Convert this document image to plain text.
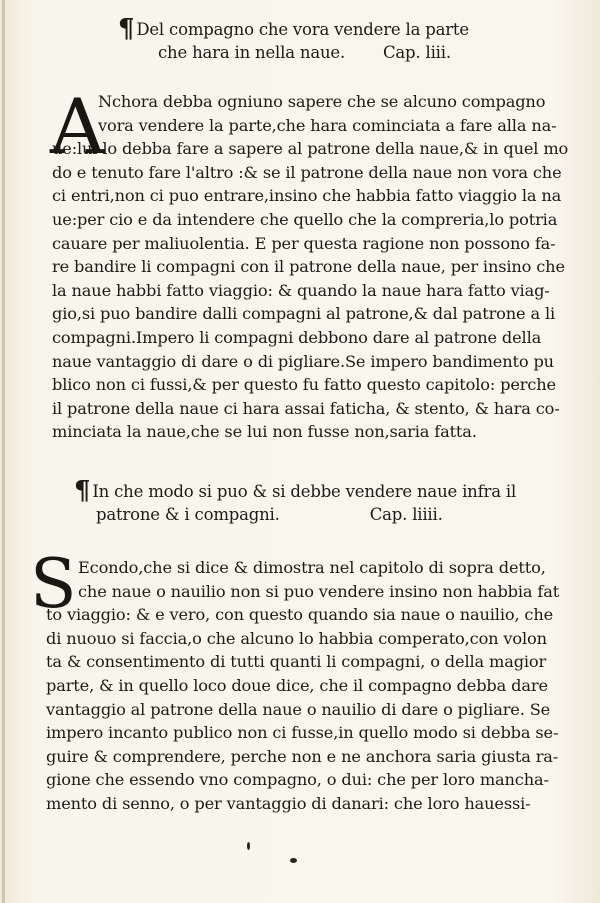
¶ Del compagno che vora vendere la parte
che hara in nella naue. Cap. liii.
A
Nchora debba ogniuno sapere che se alcuno compagno
vora vendere la parte,che hara cominciata a fare alla na-
ue:lui lo debba fare a sapere al patrone della naue,& in quel mo
do e tenuto fare l'altro :& se il patrone della naue non vora che
ci entri,non ci puo entrare,insino che habbia fatto viaggio la na
ue:per cio e da intendere che quello che la compreria,lo potria
cauare per maliuolentia. E per questa ragione non possono fa-
re bandire li compagni con il patrone della naue, per insino che
la naue habbi fatto viaggio: & quando la naue hara fatto viag-
gio,si puo bandire dalli compagni al patrone,& dal patrone a li
compagni.Impero li compagni debbono dare al patrone della
naue vantaggio di dare o di pigliare.Se impero bandimento pu
blico non ci fussi,& per questo fu fatto questo capitolo: perche
il patrone della naue ci hara assai faticha, & stento, & hara co-
minciata la naue,che se lui non fusse non,saria fatta.
¶ In che modo si puo & si debbe vendere naue infra il
patrone & i compagni.	Cap. liiii.
S Econdo,che si dice & dimostra nel capitolo di sopra detto,
che naue o nauilio non si puo vendere insino non habbia fat
to viaggio: & e vero, con questo quando sia naue o nauilio, che
di nuouo si faccia,o che alcuno lo habbia comperato,con volon
ta & consentimento di tutti quanti li compagni, o della magior
parte, & in quello loco doue dice, che il compagno debba dare
vantaggio al patrone della naue o nauilio di dare o pigliare. Se
impero incanto publico non ci fusse,in quello modo si debba se-
guire & comprendere, perche non e ne anchora saria giusta ra-
gione che essendo vno compagno, o dui: che per loro mancha-
mento di senno, o per vantaggio di danari: che loro hauessi-
